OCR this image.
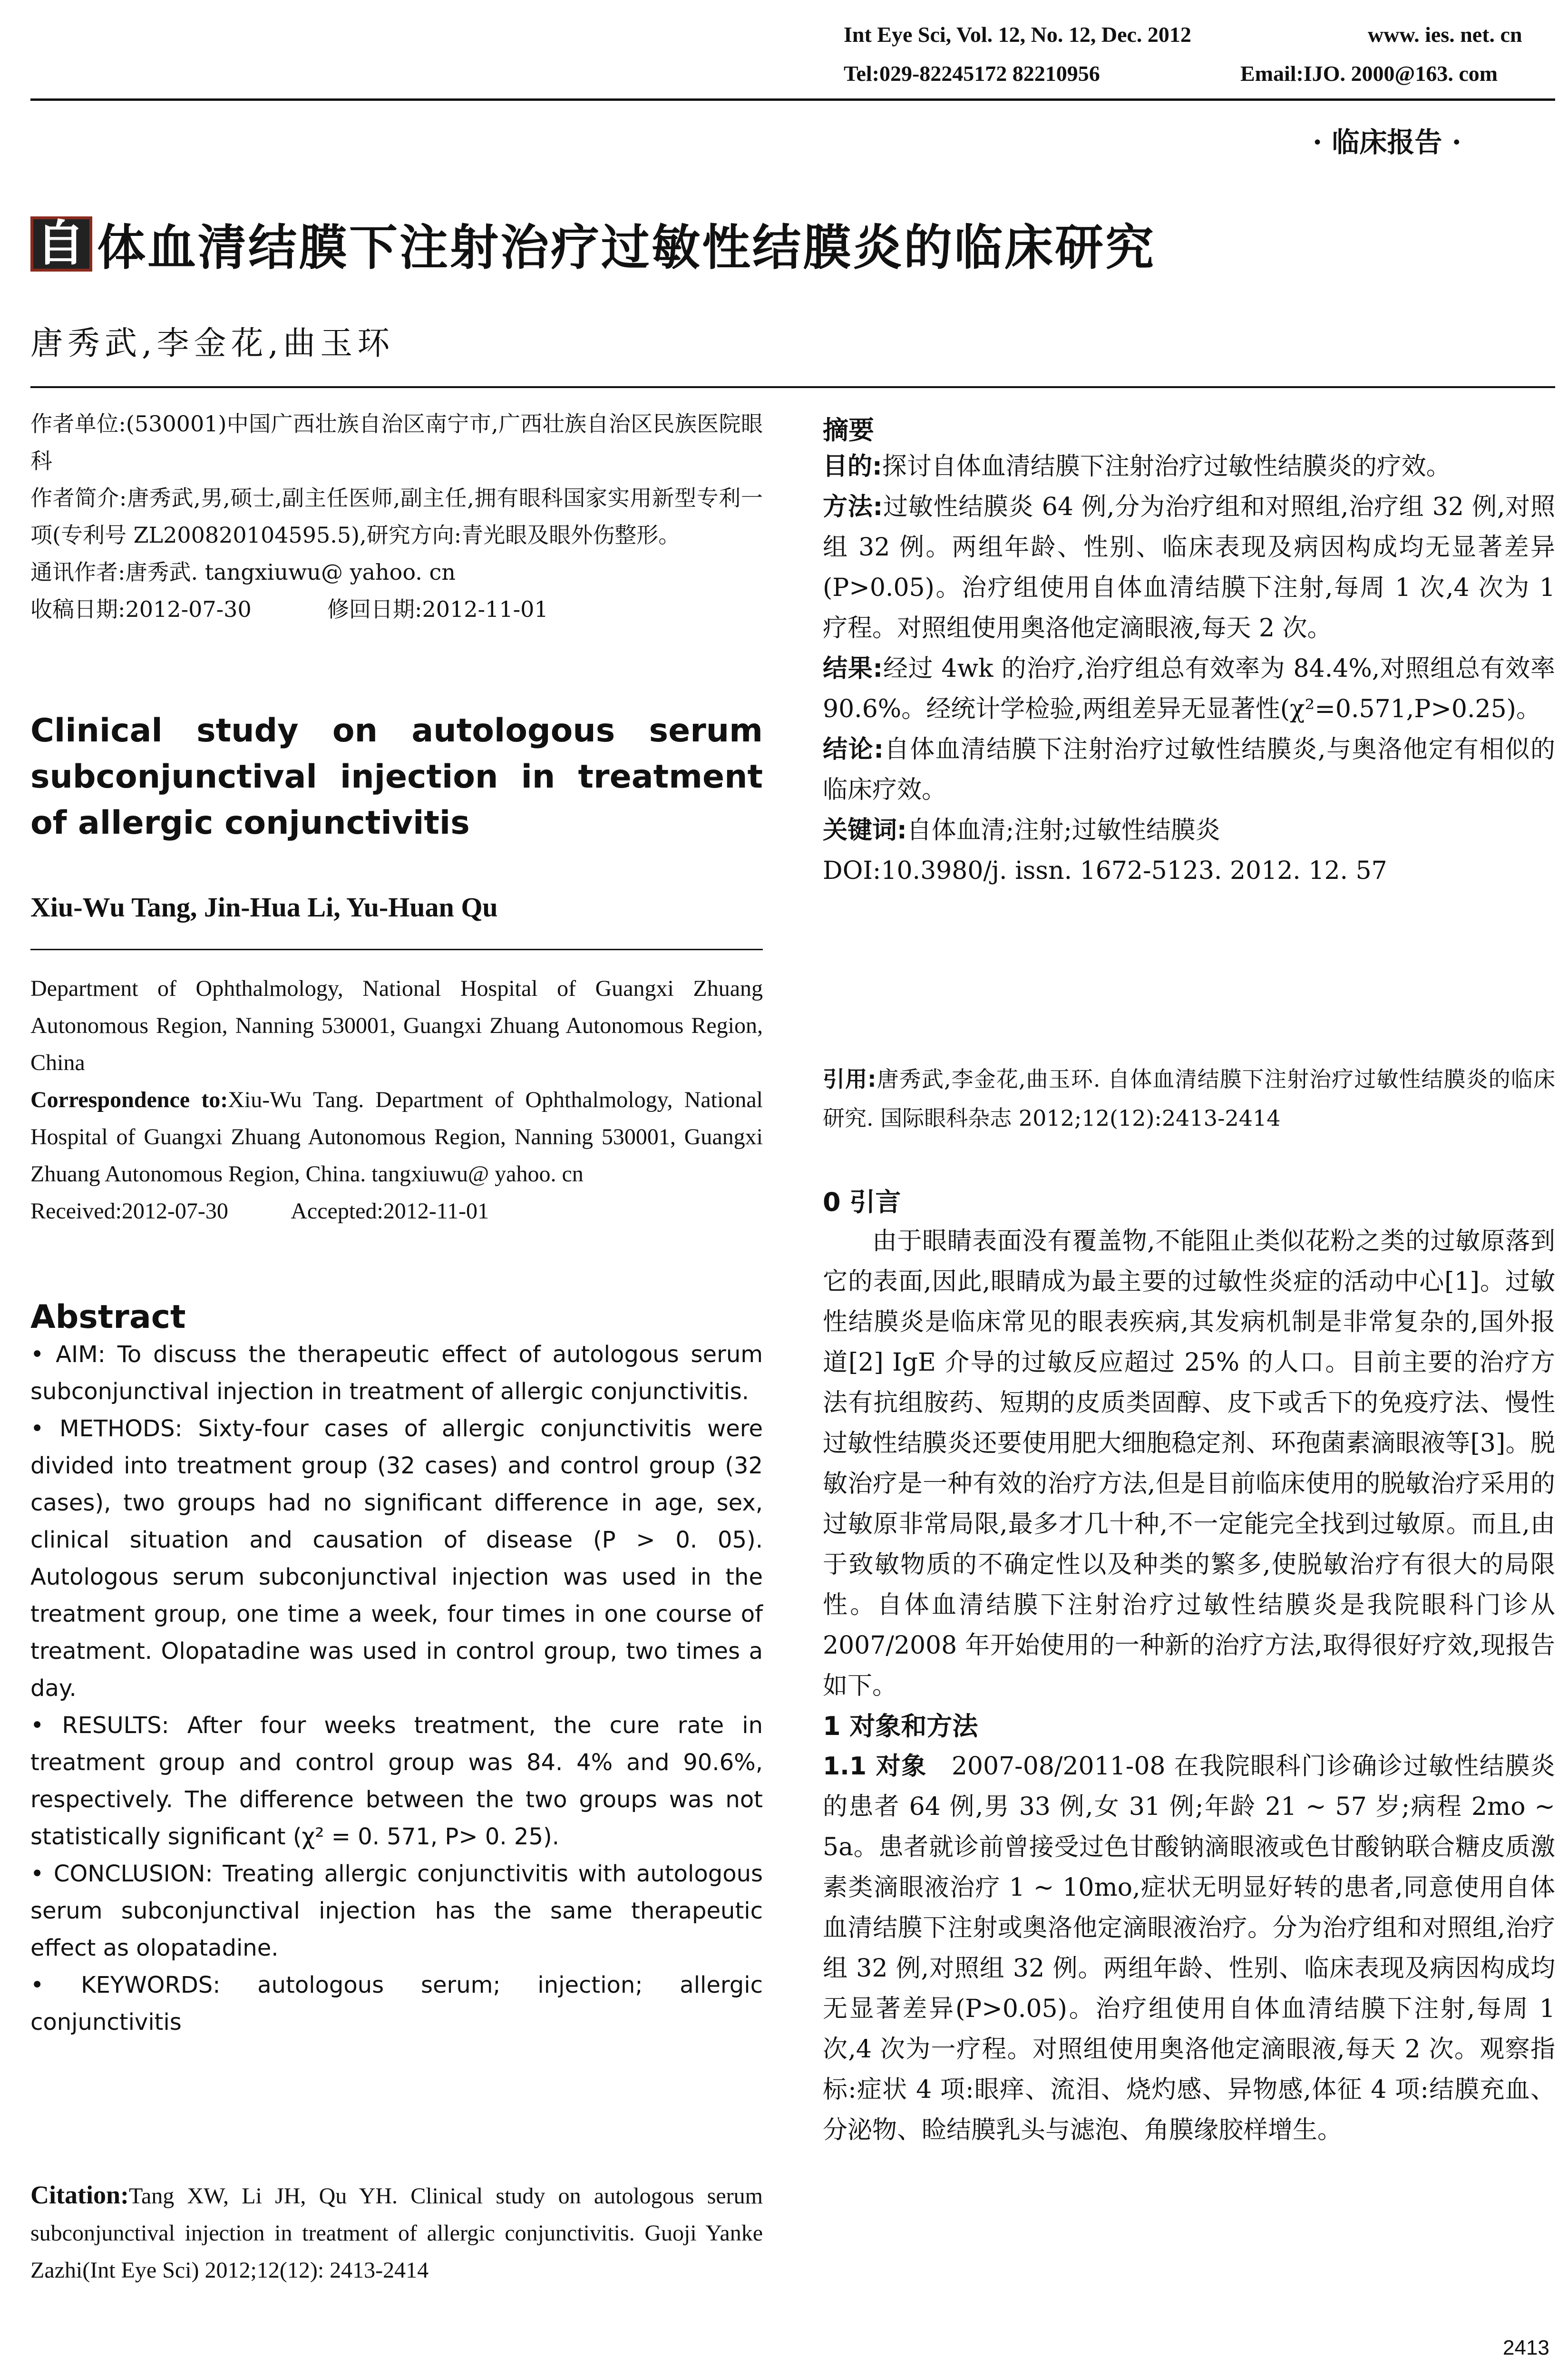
Int Eye Sci, Vol. 12, No. 12, Dec. 2012	www. ies. net. cn
Tel:029-82245172 82210956	Email:IJO. 2000@163. com
· 临床报告 ·
自 体血清结膜下注射治疗过敏性结膜炎的临床研究
唐秀武,李金花,曲玉环

作者单位:(530001)中国广西壮族自治区南宁市,广西壮族自治区民族医院眼科

作者简介:唐秀武,男,硕士,副主任医师,副主任,拥有眼科国家实用新型专利一项(专利号 ZL200820104595.5),研究方向:青光眼及眼外伤整形。

通讯作者:唐秀武. tangxiuwu@ yahoo. cn

收稿日期:2012-07-30	修回日期:2012-11-01

Clinical study on autologous serum subconjunctival injection in treatment of allergic conjunctivitis

Xiu-Wu Tang, Jin-Hua Li, Yu-Huan Qu

Department of Ophthalmology, National Hospital of Guangxi Zhuang Autonomous Region, Nanning 530001, Guangxi Zhuang Autonomous Region, China

Correspondence to:Xiu-Wu Tang. Department of Ophthalmology, National Hospital of Guangxi Zhuang Autonomous Region, Nanning 530001, Guangxi Zhuang Autonomous Region, China. tangxiuwu@ yahoo. cn

Received:2012-07-30	Accepted:2012-11-01

Abstract

• AIM: To discuss the therapeutic effect of autologous serum subconjunctival injection in treatment of allergic conjunctivitis.

• METHODS: Sixty-four cases of allergic conjunctivitis were divided into treatment group (32 cases) and control group (32 cases), two groups had no significant difference in age, sex, clinical situation and causation of disease (P > 0. 05). Autologous serum subconjunctival injection was used in the treatment group, one time a week, four times in one course of treatment. Olopatadine was used in control group, two times a day.

• RESULTS: After four weeks treatment, the cure rate in treatment group and control group was 84. 4% and 90.6%, respectively. The difference between the two groups was not statistically significant (χ² = 0. 571, P> 0. 25).

• CONCLUSION: Treating allergic conjunctivitis with autologous serum subconjunctival injection has the same therapeutic effect as olopatadine.

• KEYWORDS: autologous serum; injection; allergic conjunctivitis

Citation:Tang XW, Li JH, Qu YH. Clinical study on autologous serum subconjunctival injection in treatment of allergic conjunctivitis. Guoji Yanke Zazhi(Int Eye Sci) 2012;12(12): 2413-2414

摘要

目的:探讨自体血清结膜下注射治疗过敏性结膜炎的疗效。

方法:过敏性结膜炎 64 例,分为治疗组和对照组,治疗组 32 例,对照组 32 例。两组年龄、性别、临床表现及病因构成均无显著差异(P>0.05)。治疗组使用自体血清结膜下注射,每周 1 次,4 次为 1 疗程。对照组使用奥洛他定滴眼液,每天 2 次。

结果:经过 4wk 的治疗,治疗组总有效率为 84.4%,对照组总有效率 90.6%。经统计学检验,两组差异无显著性(χ²=0.571,P>0.25)。

结论:自体血清结膜下注射治疗过敏性结膜炎,与奥洛他定有相似的临床疗效。

关键词:自体血清;注射;过敏性结膜炎

DOI:10.3980/j. issn. 1672-5123. 2012. 12. 57

引用:唐秀武,李金花,曲玉环. 自体血清结膜下注射治疗过敏性结膜炎的临床研究. 国际眼科杂志 2012;12(12):2413-2414

0 引言

由于眼睛表面没有覆盖物,不能阻止类似花粉之类的过敏原落到它的表面,因此,眼睛成为最主要的过敏性炎症的活动中心[1]。过敏性结膜炎是临床常见的眼表疾病,其发病机制是非常复杂的,国外报道[2] IgE 介导的过敏反应超过 25% 的人口。目前主要的治疗方法有抗组胺药、短期的皮质类固醇、皮下或舌下的免疫疗法、慢性过敏性结膜炎还要使用肥大细胞稳定剂、环孢菌素滴眼液等[3]。脱敏治疗是一种有效的治疗方法,但是目前临床使用的脱敏治疗采用的过敏原非常局限,最多才几十种,不一定能完全找到过敏原。而且,由于致敏物质的不确定性以及种类的繁多,使脱敏治疗有很大的局限性。自体血清结膜下注射治疗过敏性结膜炎是我院眼科门诊从 2007/2008 年开始使用的一种新的治疗方法,取得很好疗效,现报告如下。

1 对象和方法

1.1 对象  2007-08/2011-08 在我院眼科门诊确诊过敏性结膜炎的患者 64 例,男 33 例,女 31 例;年龄 21 ~ 57 岁;病程 2mo ~ 5a。患者就诊前曾接受过色甘酸钠滴眼液或色甘酸钠联合糖皮质激素类滴眼液治疗 1 ~ 10mo,症状无明显好转的患者,同意使用自体血清结膜下注射或奥洛他定滴眼液治疗。分为治疗组和对照组,治疗组 32 例,对照组 32 例。两组年龄、性别、临床表现及病因构成均无显著差异(P>0.05)。治疗组使用自体血清结膜下注射,每周 1 次,4 次为一疗程。对照组使用奥洛他定滴眼液,每天 2 次。观察指标:症状 4 项:眼痒、流泪、烧灼感、异物感,体征 4 项:结膜充血、分泌物、睑结膜乳头与滤泡、角膜缘胶样增生。

2413
